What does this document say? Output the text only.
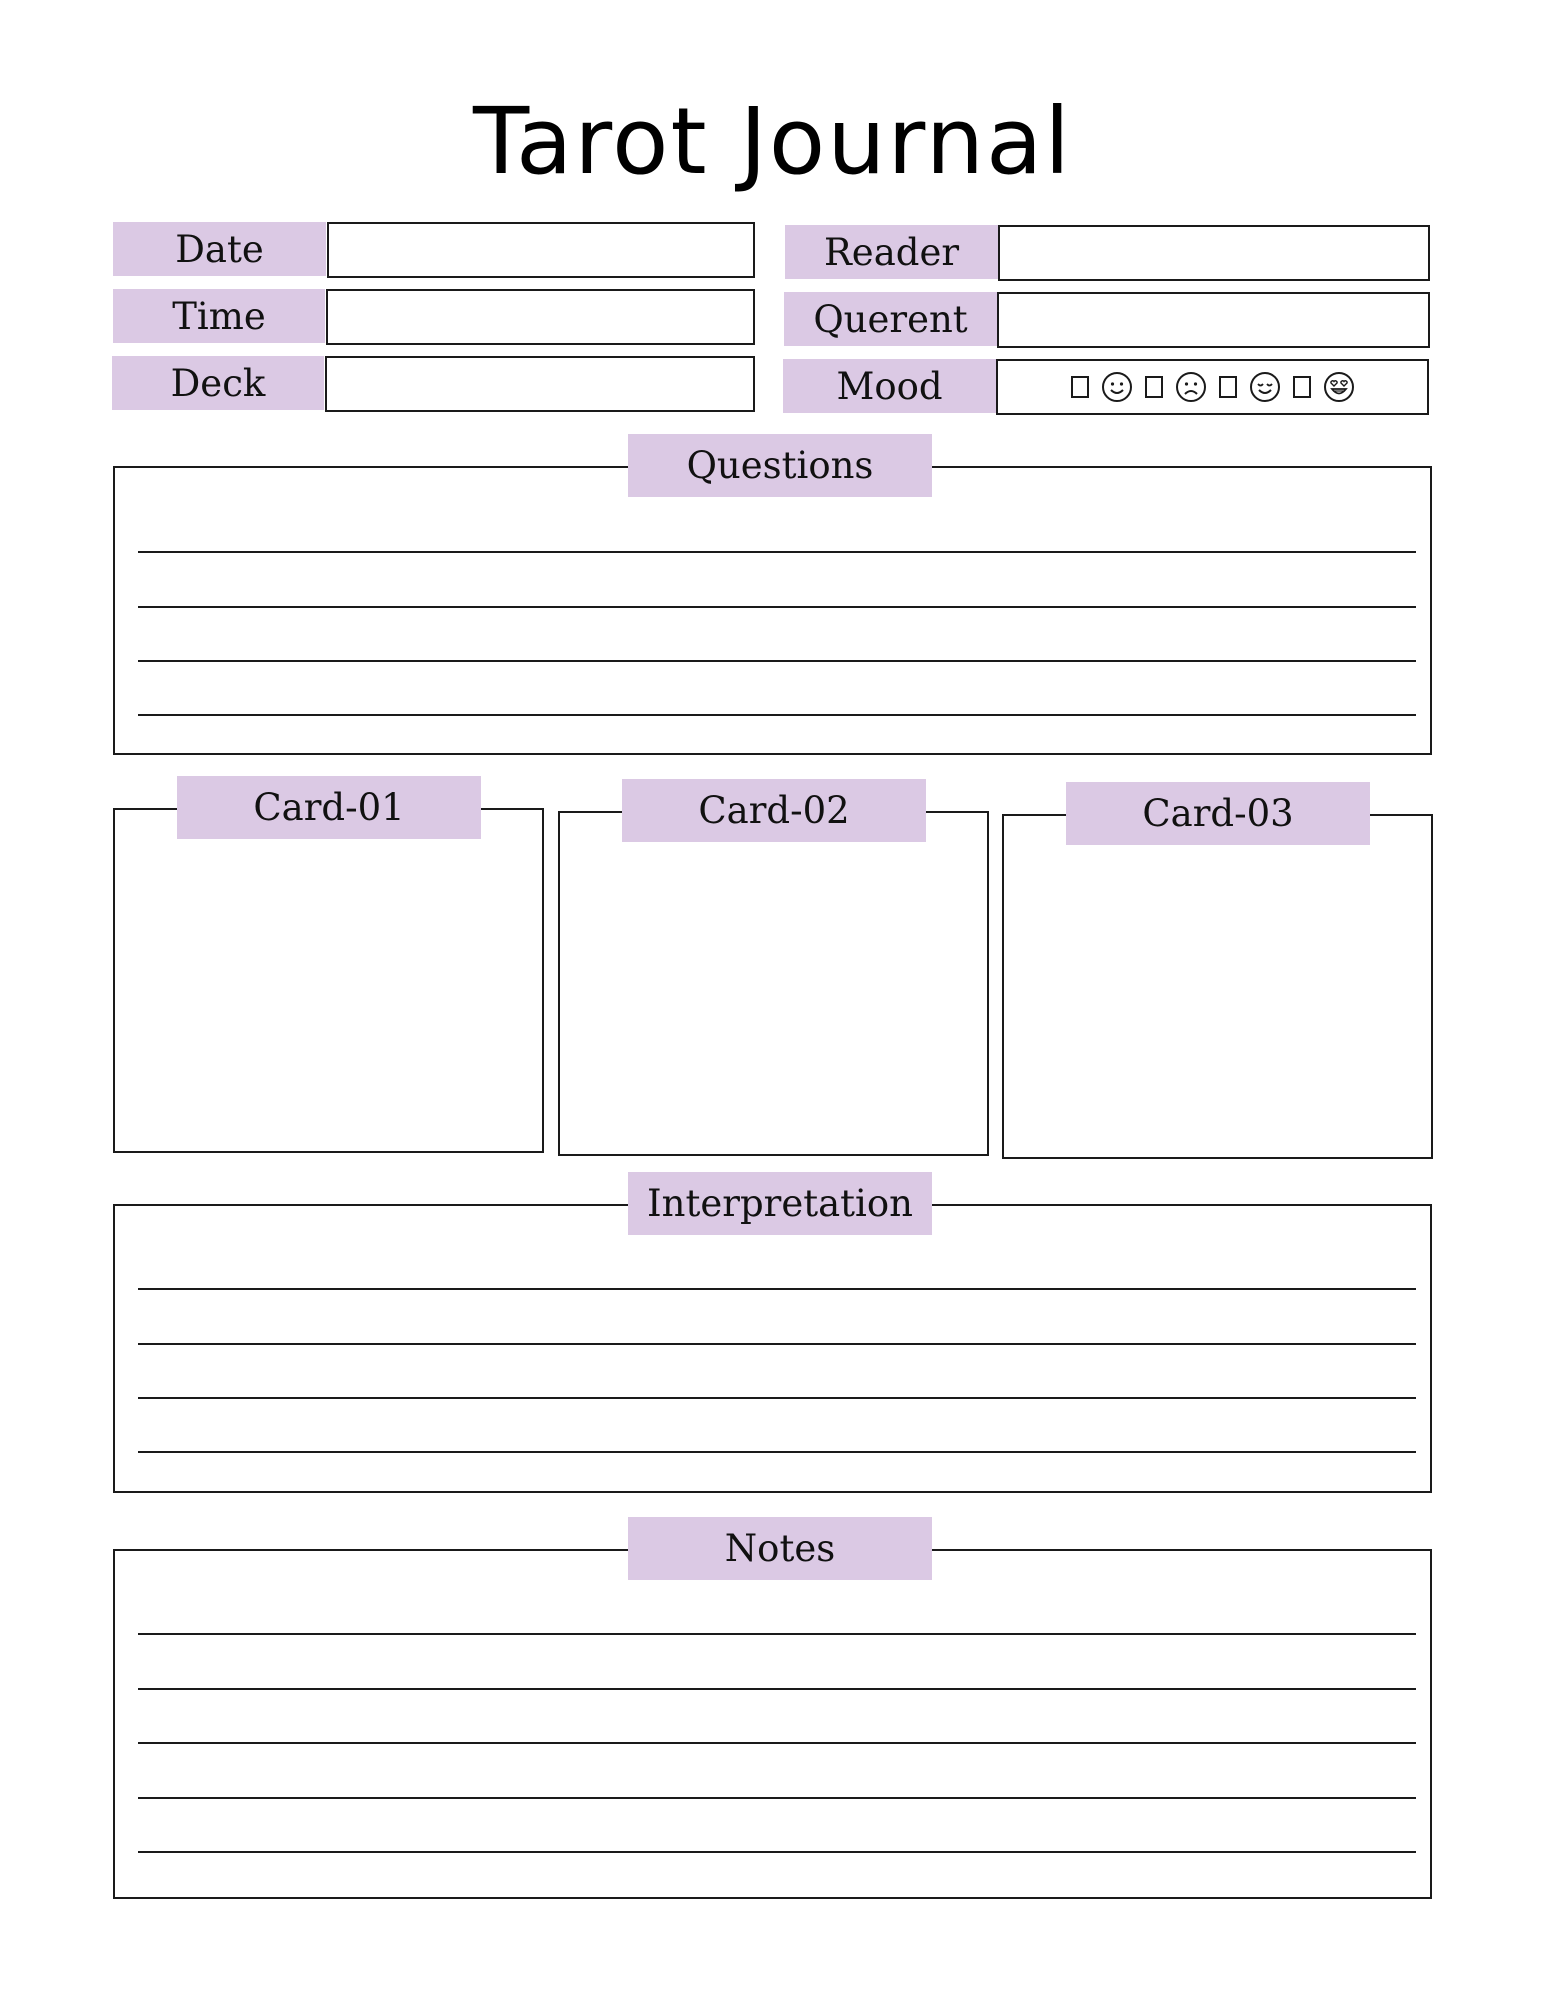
Tarot Journal
Date
Time
Deck
Reader
Querent
Mood
Questions
Card-01	Card-02	Card-03
Interpretation
Notes
